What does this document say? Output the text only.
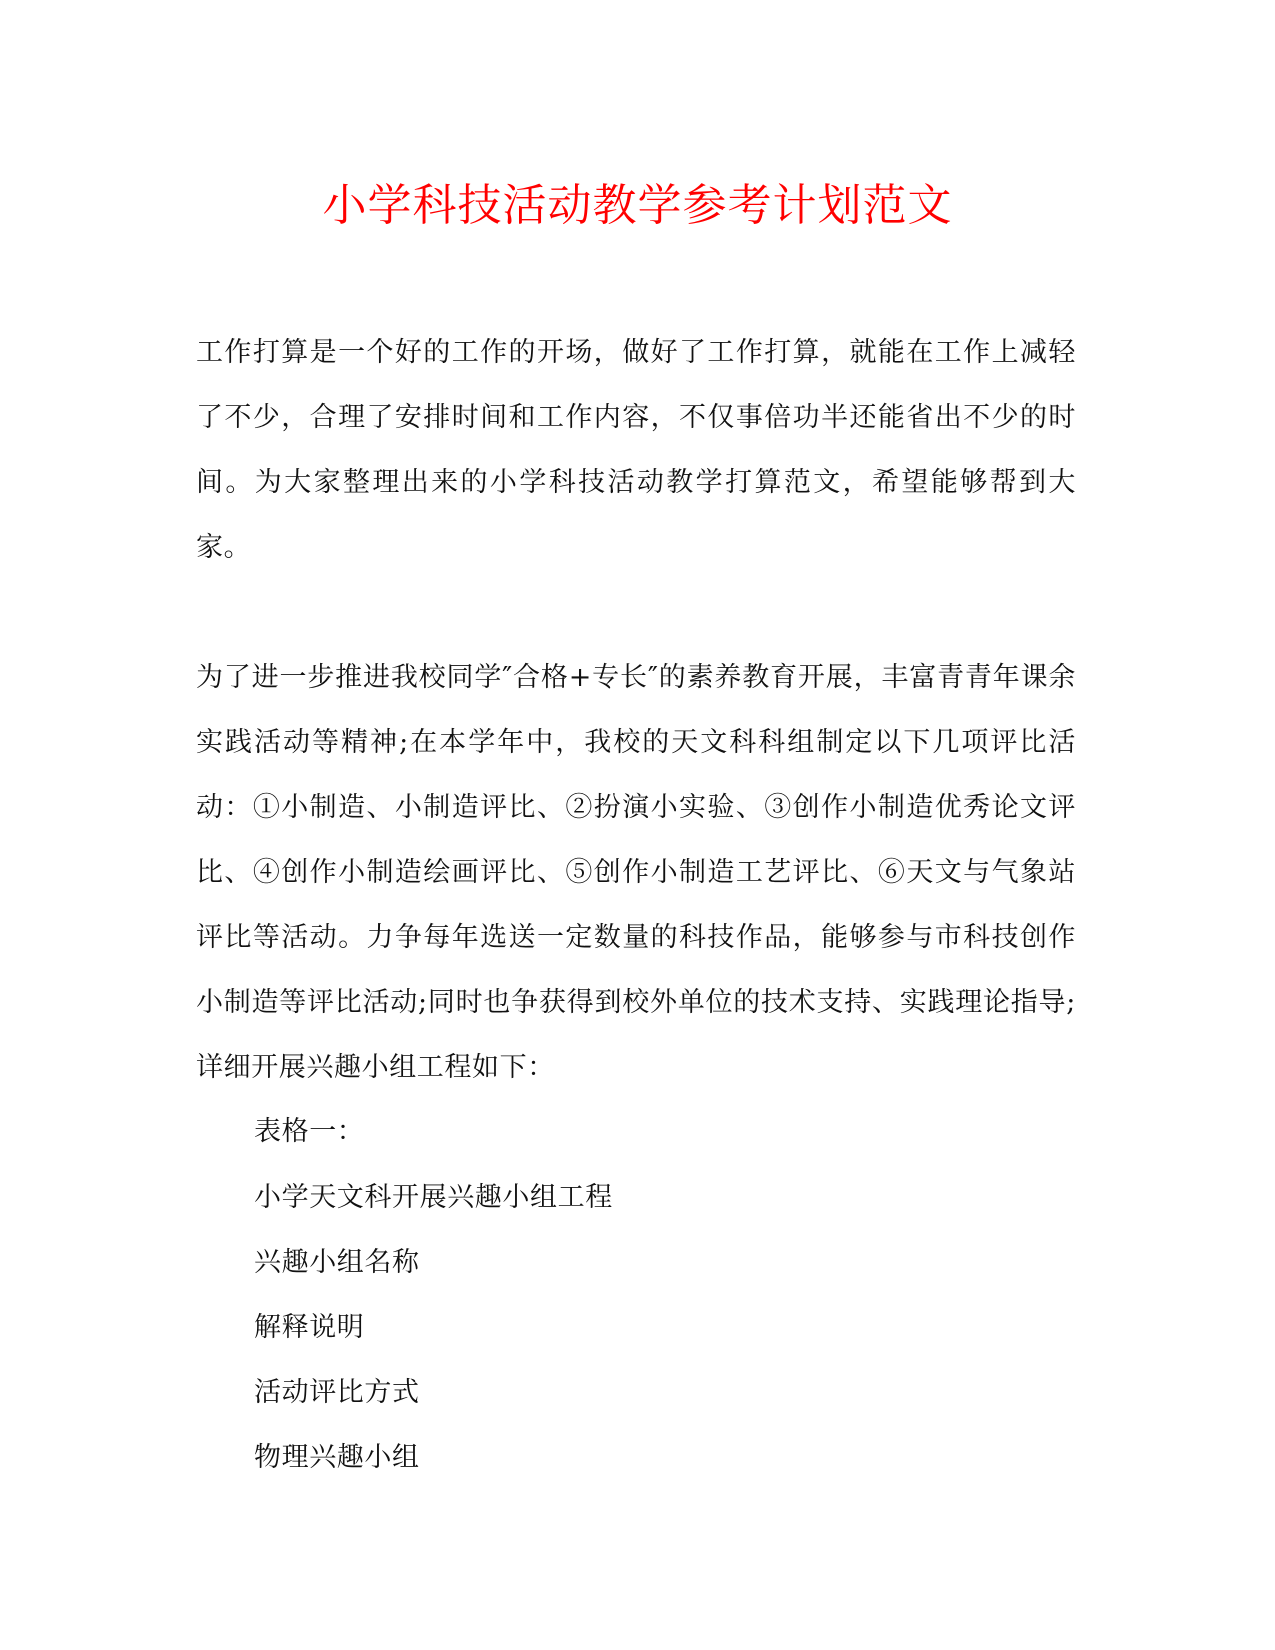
小学科技活动教学参考计划范文

工作打算是一个好的工作的开场，做好了工作打算，就能在工作上减轻了不少，合理了安排时间和工作内容，不仅事倍功半还能省出不少的时间。为大家整理出来的小学科技活动教学打算范文，希望能够帮到大家。

为了进一步推进我校同学″合格+专长″的素养教育开展，丰富青青年课余实践活动等精神;在本学年中，我校的天文科科组制定以下几项评比活动：①小制造、小制造评比、②扮演小实验、③创作小制造优秀论文评比、④创作小制造绘画评比、⑤创作小制造工艺评比、⑥天文与气象站评比等活动。力争每年选送一定数量的科技作品，能够参与市科技创作小制造等评比活动;同时也争获得到校外单位的技术支持、实践理论指导;详细开展兴趣小组工程如下：

表格一：

小学天文科开展兴趣小组工程

兴趣小组名称

解释说明

活动评比方式

物理兴趣小组
